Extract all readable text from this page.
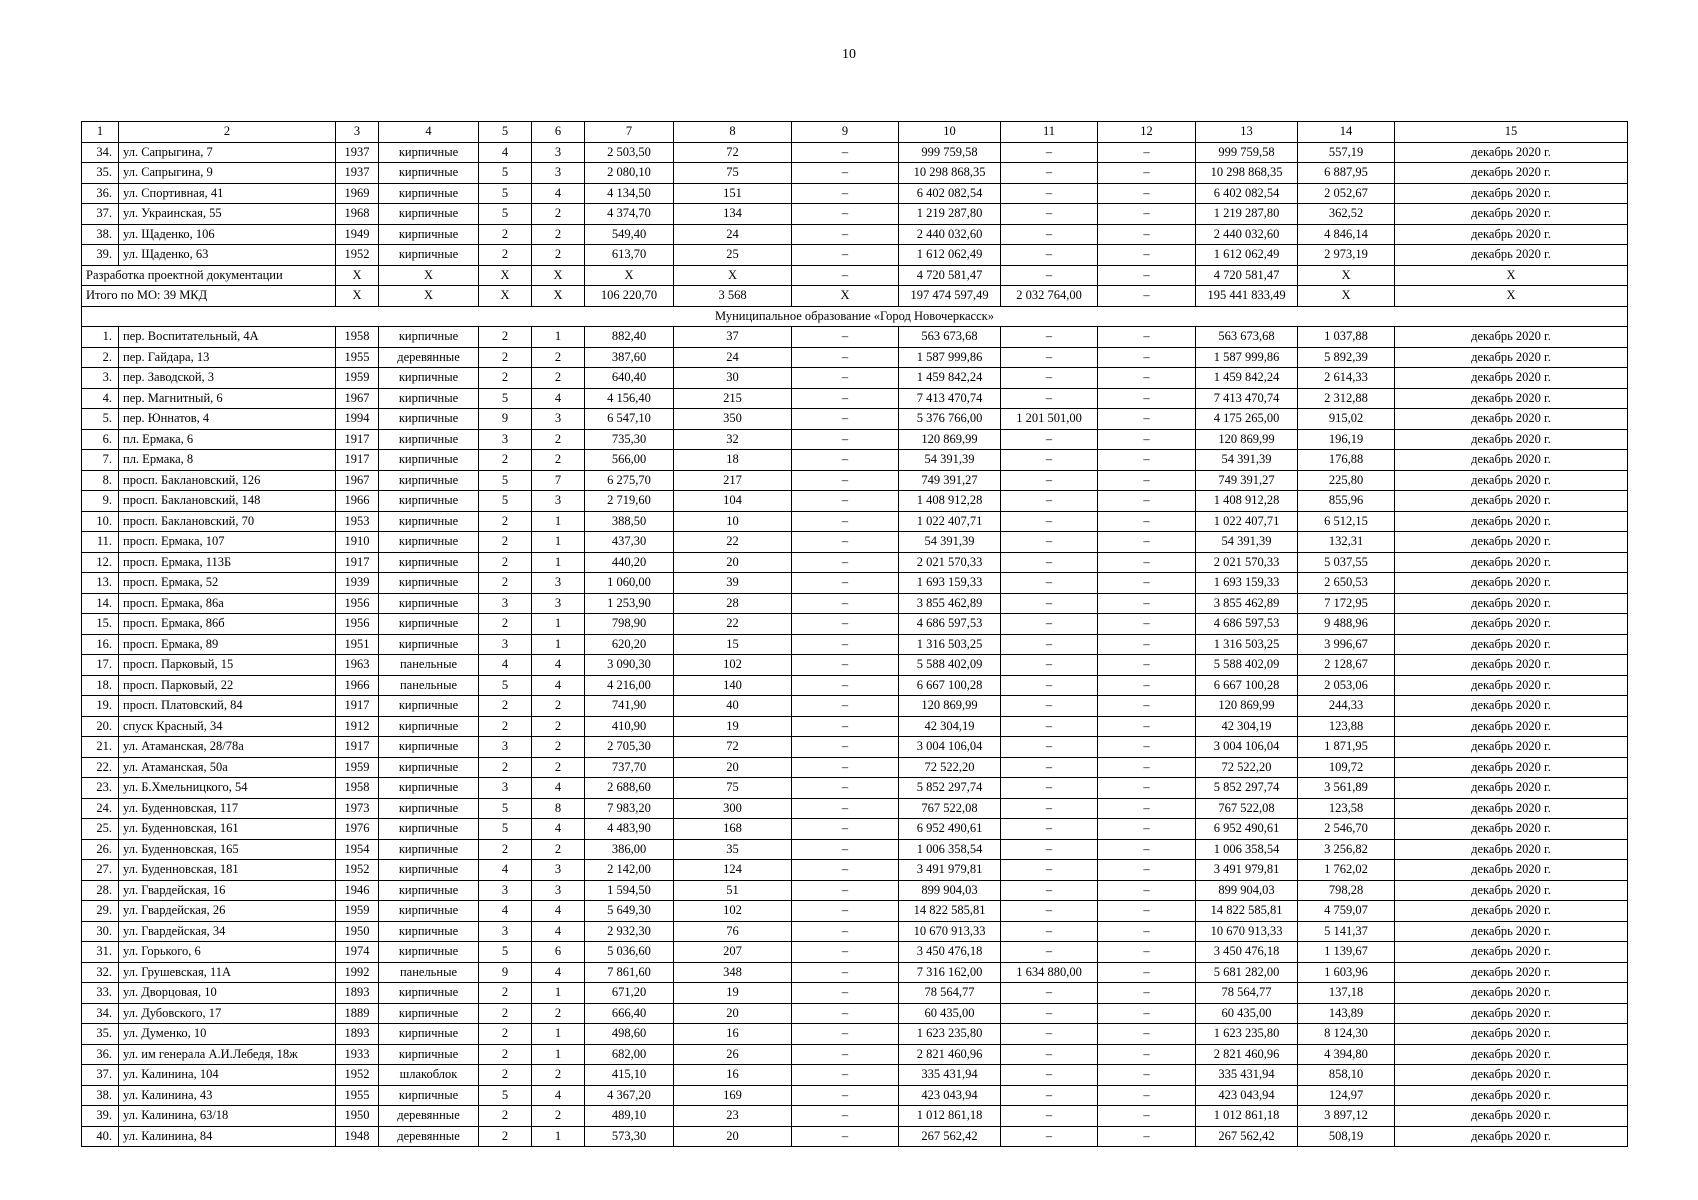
10
1	2	3	4	5	6	7	8	9	10	11	12	13	14	15
34.	ул. Сапрыгина, 7	1937	кирпичные	4	3	2 503,50	72	–	999 759,58	–	–	999 759,58	557,19	декабрь 2020 г.
35.	ул. Сапрыгина, 9	1937	кирпичные	5	3	2 080,10	75	–	10 298 868,35	–	–	10 298 868,35	6 887,95	декабрь 2020 г.
36.	ул. Спортивная, 41	1969	кирпичные	5	4	4 134,50	151	–	6 402 082,54	–	–	6 402 082,54	2 052,67	декабрь 2020 г.
37.	ул. Украинская, 55	1968	кирпичные	5	2	4 374,70	134	–	1 219 287,80	–	–	1 219 287,80	362,52	декабрь 2020 г.
38.	ул. Щаденко, 106	1949	кирпичные	2	2	549,40	24	–	2 440 032,60	–	–	2 440 032,60	4 846,14	декабрь 2020 г.
39.	ул. Щаденко, 63	1952	кирпичные	2	2	613,70	25	–	1 612 062,49	–	–	1 612 062,49	2 973,19	декабрь 2020 г.
Разработка проектной документации		X	X	X	X	X	X	–	4 720 581,47	–	–	4 720 581,47	X	X
Итого по МО: 39 МКД		X	X	X	X	106 220,70	3 568	X	197 474 597,49	2 032 764,00	–	195 441 833,49	X	X
Муниципальное образование «Город Новочеркасск»														
1.	пер. Воспитательный, 4А	1958	кирпичные	2	1	882,40	37	–	563 673,68	–	–	563 673,68	1 037,88	декабрь 2020 г.
2.	пер. Гайдара, 13	1955	деревянные	2	2	387,60	24	–	1 587 999,86	–	–	1 587 999,86	5 892,39	декабрь 2020 г.
3.	пер. Заводской, 3	1959	кирпичные	2	2	640,40	30	–	1 459 842,24	–	–	1 459 842,24	2 614,33	декабрь 2020 г.
4.	пер. Магнитный, 6	1967	кирпичные	5	4	4 156,40	215	–	7 413 470,74	–	–	7 413 470,74	2 312,88	декабрь 2020 г.
5.	пер. Юннатов, 4	1994	кирпичные	9	3	6 547,10	350	–	5 376 766,00	1 201 501,00	–	4 175 265,00	915,02	декабрь 2020 г.
6.	пл. Ермака, 6	1917	кирпичные	3	2	735,30	32	–	120 869,99	–	–	120 869,99	196,19	декабрь 2020 г.
7.	пл. Ермака, 8	1917	кирпичные	2	2	566,00	18	–	54 391,39	–	–	54 391,39	176,88	декабрь 2020 г.
8.	просп. Баклановский, 126	1967	кирпичные	5	7	6 275,70	217	–	749 391,27	–	–	749 391,27	225,80	декабрь 2020 г.
9.	просп. Баклановский, 148	1966	кирпичные	5	3	2 719,60	104	–	1 408 912,28	–	–	1 408 912,28	855,96	декабрь 2020 г.
10.	просп. Баклановский, 70	1953	кирпичные	2	1	388,50	10	–	1 022 407,71	–	–	1 022 407,71	6 512,15	декабрь 2020 г.
11.	просп. Ермака, 107	1910	кирпичные	2	1	437,30	22	–	54 391,39	–	–	54 391,39	132,31	декабрь 2020 г.
12.	просп. Ермака, 113Б	1917	кирпичные	2	1	440,20	20	–	2 021 570,33	–	–	2 021 570,33	5 037,55	декабрь 2020 г.
13.	просп. Ермака, 52	1939	кирпичные	2	3	1 060,00	39	–	1 693 159,33	–	–	1 693 159,33	2 650,53	декабрь 2020 г.
14.	просп. Ермака, 86а	1956	кирпичные	3	3	1 253,90	28	–	3 855 462,89	–	–	3 855 462,89	7 172,95	декабрь 2020 г.
15.	просп. Ермака, 86б	1956	кирпичные	2	1	798,90	22	–	4 686 597,53	–	–	4 686 597,53	9 488,96	декабрь 2020 г.
16.	просп. Ермака, 89	1951	кирпичные	3	1	620,20	15	–	1 316 503,25	–	–	1 316 503,25	3 996,67	декабрь 2020 г.
17.	просп. Парковый, 15	1963	панельные	4	4	3 090,30	102	–	5 588 402,09	–	–	5 588 402,09	2 128,67	декабрь 2020 г.
18.	просп. Парковый, 22	1966	панельные	5	4	4 216,00	140	–	6 667 100,28	–	–	6 667 100,28	2 053,06	декабрь 2020 г.
19.	просп. Платовский, 84	1917	кирпичные	2	2	741,90	40	–	120 869,99	–	–	120 869,99	244,33	декабрь 2020 г.
20.	спуск Красный, 34	1912	кирпичные	2	2	410,90	19	–	42 304,19	–	–	42 304,19	123,88	декабрь 2020 г.
21.	ул. Атаманская, 28/78а	1917	кирпичные	3	2	2 705,30	72	–	3 004 106,04	–	–	3 004 106,04	1 871,95	декабрь 2020 г.
22.	ул. Атаманская, 50а	1959	кирпичные	2	2	737,70	20	–	72 522,20	–	–	72 522,20	109,72	декабрь 2020 г.
23.	ул. Б.Хмельницкого, 54	1958	кирпичные	3	4	2 688,60	75	–	5 852 297,74	–	–	5 852 297,74	3 561,89	декабрь 2020 г.
24.	ул. Буденновская, 117	1973	кирпичные	5	8	7 983,20	300	–	767 522,08	–	–	767 522,08	123,58	декабрь 2020 г.
25.	ул. Буденновская, 161	1976	кирпичные	5	4	4 483,90	168	–	6 952 490,61	–	–	6 952 490,61	2 546,70	декабрь 2020 г.
26.	ул. Буденновская, 165	1954	кирпичные	2	2	386,00	35	–	1 006 358,54	–	–	1 006 358,54	3 256,82	декабрь 2020 г.
27.	ул. Буденновская, 181	1952	кирпичные	4	3	2 142,00	124	–	3 491 979,81	–	–	3 491 979,81	1 762,02	декабрь 2020 г.
28.	ул. Гвардейская, 16	1946	кирпичные	3	3	1 594,50	51	–	899 904,03	–	–	899 904,03	798,28	декабрь 2020 г.
29.	ул. Гвардейская, 26	1959	кирпичные	4	4	5 649,30	102	–	14 822 585,81	–	–	14 822 585,81	4 759,07	декабрь 2020 г.
30.	ул. Гвардейская, 34	1950	кирпичные	3	4	2 932,30	76	–	10 670 913,33	–	–	10 670 913,33	5 141,37	декабрь 2020 г.
31.	ул. Горького, 6	1974	кирпичные	5	6	5 036,60	207	–	3 450 476,18	–	–	3 450 476,18	1 139,67	декабрь 2020 г.
32.	ул. Грушевская, 11А	1992	панельные	9	4	7 861,60	348	–	7 316 162,00	1 634 880,00	–	5 681 282,00	1 603,96	декабрь 2020 г.
33.	ул. Дворцовая, 10	1893	кирпичные	2	1	671,20	19	–	78 564,77	–	–	78 564,77	137,18	декабрь 2020 г.
34.	ул. Дубовского, 17	1889	кирпичные	2	2	666,40	20	–	60 435,00	–	–	60 435,00	143,89	декабрь 2020 г.
35.	ул. Думенко, 10	1893	кирпичные	2	1	498,60	16	–	1 623 235,80	–	–	1 623 235,80	8 124,30	декабрь 2020 г.
36.	ул. им генерала А.И.Лебедя, 18ж	1933	кирпичные	2	1	682,00	26	–	2 821 460,96	–	–	2 821 460,96	4 394,80	декабрь 2020 г.
37.	ул. Калинина, 104	1952	шлакоблок	2	2	415,10	16	–	335 431,94	–	–	335 431,94	858,10	декабрь 2020 г.
38.	ул. Калинина, 43	1955	кирпичные	5	4	4 367,20	169	–	423 043,94	–	–	423 043,94	124,97	декабрь 2020 г.
39.	ул. Калинина, 63/18	1950	деревянные	2	2	489,10	23	–	1 012 861,18	–	–	1 012 861,18	3 897,12	декабрь 2020 г.
40.	ул. Калинина, 84	1948	деревянные	2	1	573,30	20	–	267 562,42	–	–	267 562,42	508,19	декабрь 2020 г.
